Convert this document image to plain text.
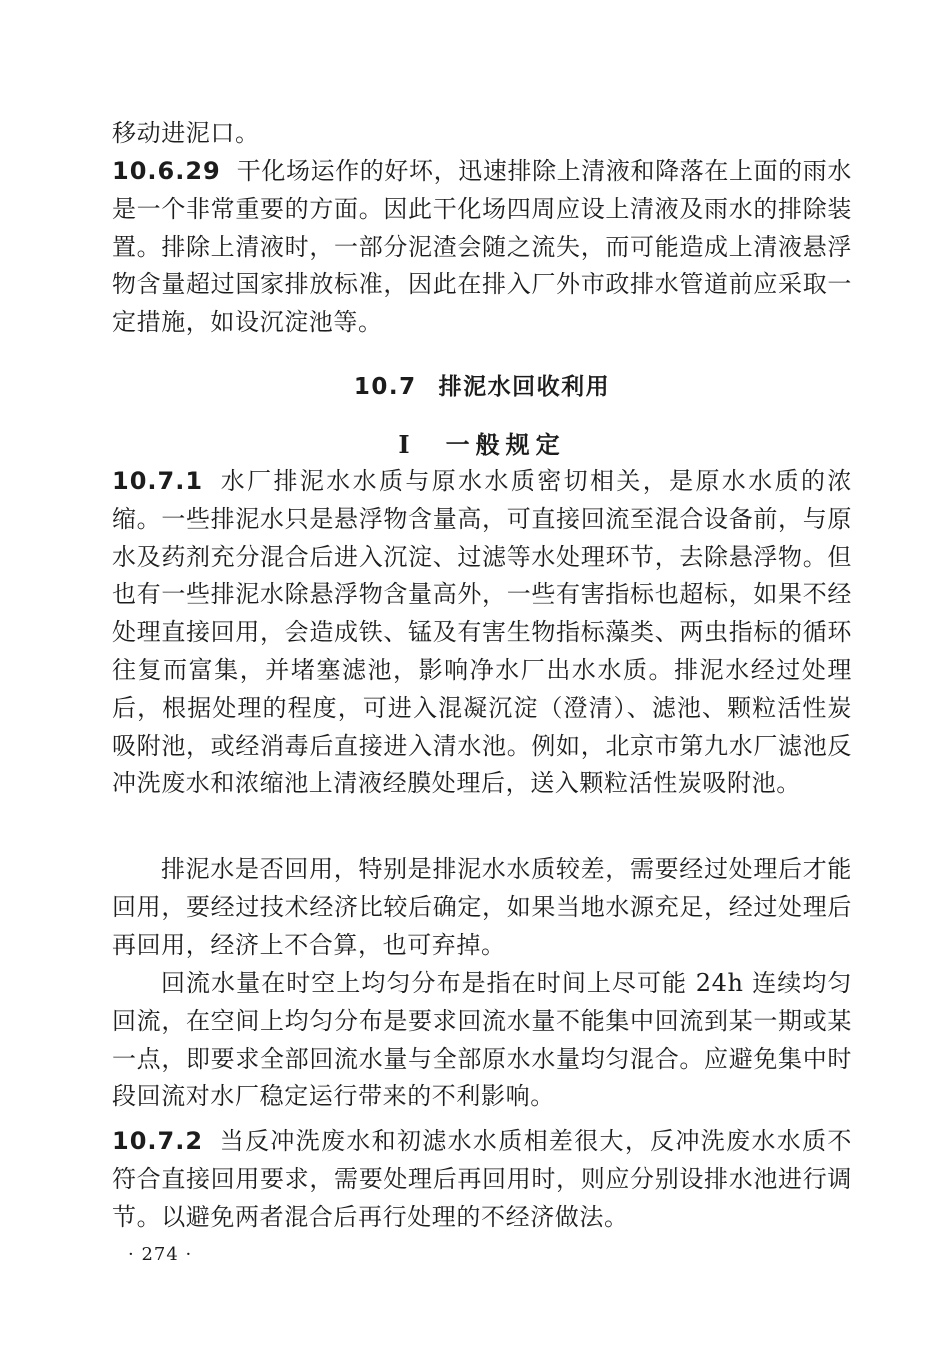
移动进泥口。

10.6.29 干化场运作的好坏，迅速排除上清液和降落在上面的雨水是一个非常重要的方面。因此干化场四周应设上清液及雨水的排除装置。排除上清液时，一部分泥渣会随之流失，而可能造成上清液悬浮物含量超过国家排放标准，因此在排入厂外市政排水管道前应采取一定措施，如设沉淀池等。

10.7 排泥水回收利用
Ⅰ 一般规定

10.7.1 水厂排泥水水质与原水水质密切相关，是原水水质的浓缩。一些排泥水只是悬浮物含量高，可直接回流至混合设备前，与原水及药剂充分混合后进入沉淀、过滤等水处理环节，去除悬浮物。但也有一些排泥水除悬浮物含量高外，一些有害指标也超标，如果不经处理直接回用，会造成铁、锰及有害生物指标藻类、两虫指标的循环往复而富集，并堵塞滤池，影响净水厂出水水质。排泥水经过处理后，根据处理的程度，可进入混凝沉淀（澄清）、滤池、颗粒活性炭吸附池，或经消毒后直接进入清水池。例如，北京市第九水厂滤池反冲洗废水和浓缩池上清液经膜处理后，送入颗粒活性炭吸附池。

排泥水是否回用，特别是排泥水水质较差，需要经过处理后才能回用，要经过技术经济比较后确定，如果当地水源充足，经过处理后再回用，经济上不合算，也可弃掉。

回流水量在时空上均匀分布是指在时间上尽可能 24h 连续均匀回流，在空间上均匀分布是要求回流水量不能集中回流到某一期或某一点，即要求全部回流水量与全部原水水量均匀混合。应避免集中时段回流对水厂稳定运行带来的不利影响。

10.7.2 当反冲洗废水和初滤水水质相差很大，反冲洗废水水质不符合直接回用要求，需要处理后再回用时，则应分别设排水池进行调节。以避免两者混合后再行处理的不经济做法。

· 274 ·
